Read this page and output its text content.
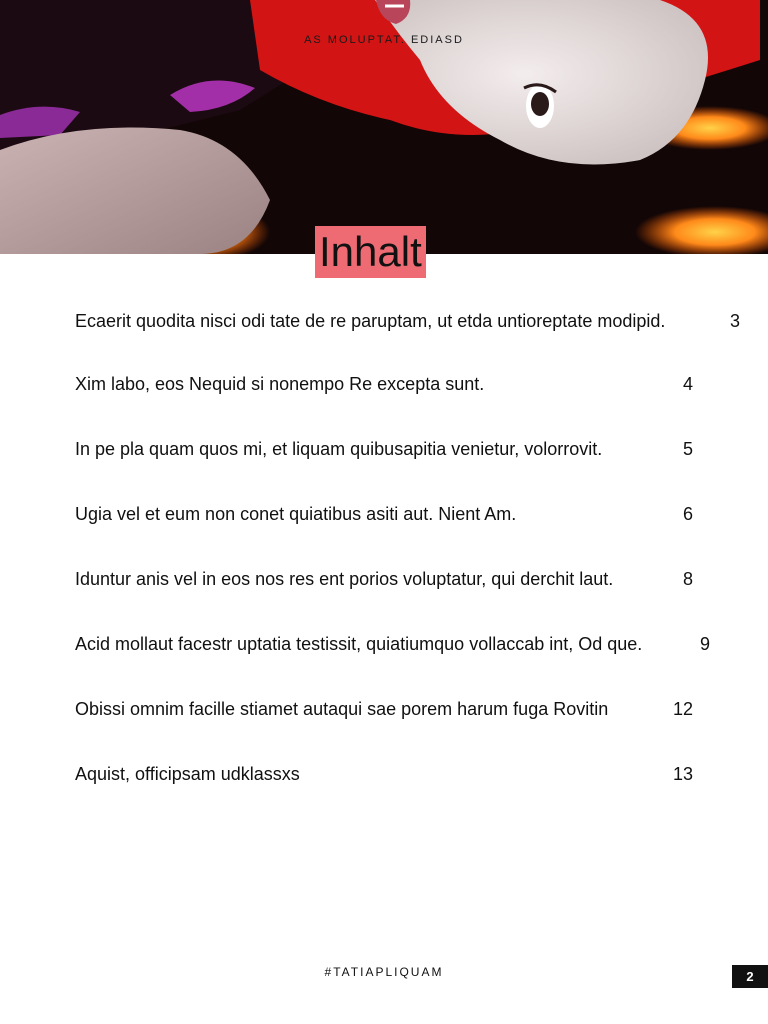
AS MOLUPTAT. EDIASD
Inhalt
Ecaerit quodita nisci odi tate de re paruptam, ut etda untioreptate modipid.	3
Xim labo, eos Nequid si nonempo Re excepta sunt.	4
In pe pla quam quos mi, et liquam quibusapitia venietur, volorrovit.	5
Ugia vel et eum non conet quiatibus asiti aut. Nient Am.	6
Iduntur anis vel in eos nos res ent porios voluptatur, qui derchit laut.	8
Acid mollaut facestr uptatia testissit, quiatiumquo vollaccab int, Od que.	9
Obissi omnim facille stiamet autaqui sae porem harum fuga Rovitin	12
Aquist, officipsam udklassxs	13
#TATIAPLIQUAM	2
